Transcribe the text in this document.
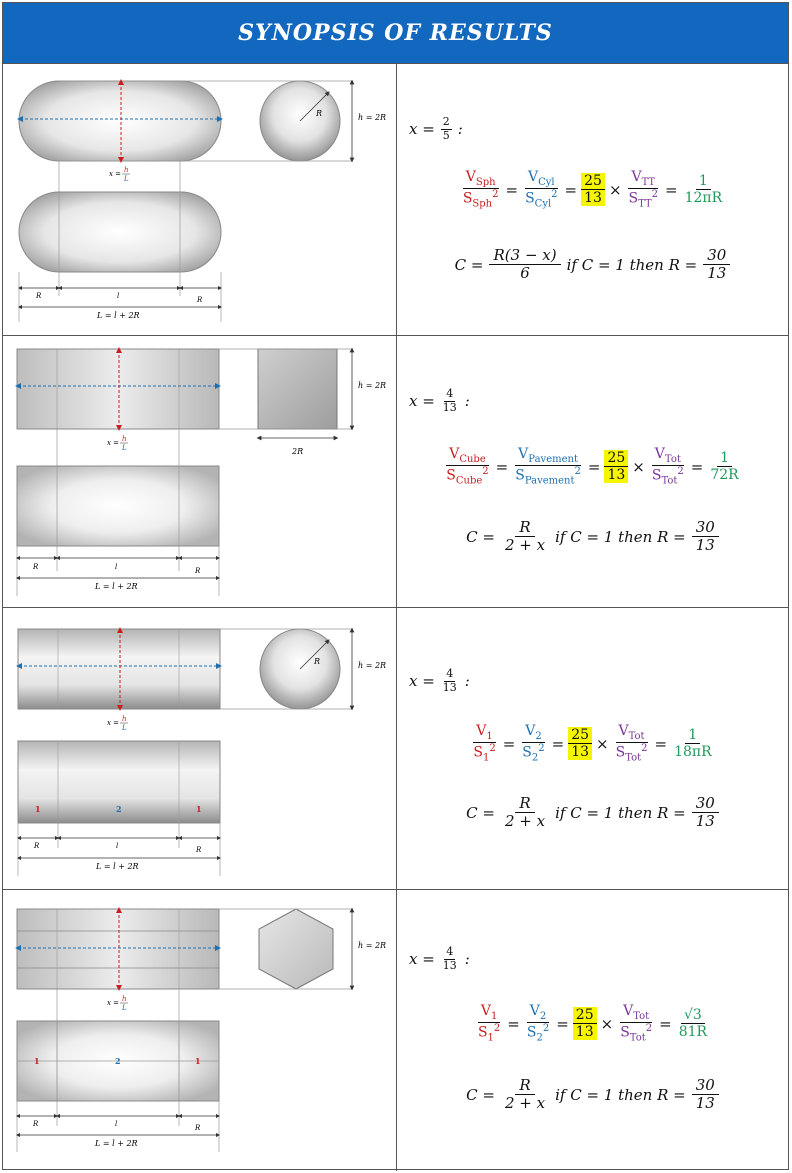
SYNOPSIS OF RESULTS
R	h = 2R
x = h
L
R	l	R
L = l + 2R
$x = \frac{2}{5}$ :
$\frac{V_{Sph}}{S_{Sph}^2} = \frac{V_{Cyl}}{S_{Cyl}^2} = \frac{25}{13} \times \frac{V_{TT}}{S_{TT}^2} = \frac{1}{12\pi R}$
$C = \frac{R(3 - x)}{6}$ if C = 1 then $R = \frac{30}{13}$
h = 2R
2R
x = h
L
R	l	R
L = l + 2R
$x = \frac{4}{13}$ :
$\frac{V_{Cube}}{S_{Cube}^2} = \frac{V_{Pavement}}{S_{Pavement}^2} = \frac{25}{13} \times \frac{V_{Tot}}{S_{Tot}^2} = \frac{1}{72R}$
$C = \frac{R}{2 + x}$ if C = 1 then $R = \frac{30}{13}$
1	2	1
R	h = 2R
x = h
L
R	l	R
L = l + 2R
$x = \frac{4}{13}$ :
$\frac{V_1}{S_1^2} = \frac{V_2}{S_2^2} = \frac{25}{13} \times \frac{V_{Tot}}{S_{Tot}^2} = \frac{1}{18\pi R}$
$C = \frac{R}{2 + x}$ if C = 1 then $R = \frac{30}{13}$
1	2	1
h = 2R
x = h
L
R	l	R
L = l + 2R
$x = \frac{4}{13}$ :
$\frac{V_1}{S_1^2} = \frac{V_2}{S_2^2} = \frac{25}{13} \times \frac{V_{Tot}}{S_{Tot}^2} = \frac{√3}{81R}$
$C = \frac{R}{2 + x}$ if C = 1 then $R = \frac{30}{13}$
